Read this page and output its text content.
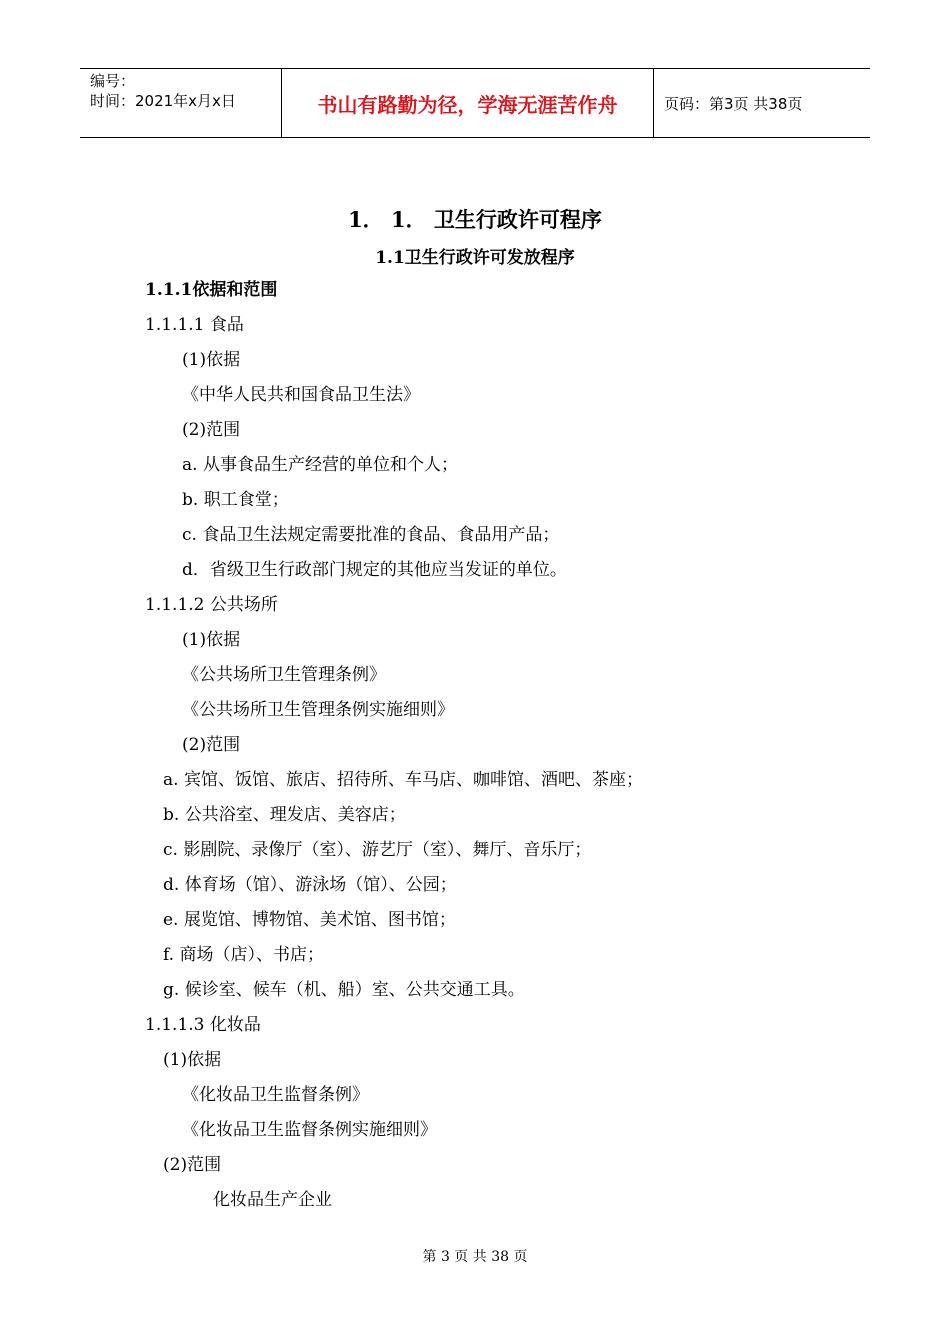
编号：
时间：2021年x月x日	书山有路勤为径，学海无涯苦作舟	页码：第3页 共38页
1． 1． 卫生行政许可程序
1.1卫生行政许可发放程序
1.1.1依据和范围
1.1.1.1 食品
(1)依据
《中华人民共和国食品卫生法》
(2)范围
a. 从事食品生产经营的单位和个人；
b. 职工食堂；
c. 食品卫生法规定需要批准的食品、食品用产品；
d．省级卫生行政部门规定的其他应当发证的单位。
1.1.1.2 公共场所
(1)依据
《公共场所卫生管理条例》
《公共场所卫生管理条例实施细则》
(2)范围
a. 宾馆、饭馆、旅店、招待所、车马店、咖啡馆、酒吧、茶座；
b. 公共浴室、理发店、美容店；
c. 影剧院、录像厅（室）、游艺厅（室）、舞厅、音乐厅；
d. 体育场（馆）、游泳场（馆）、公园；
e. 展览馆、博物馆、美术馆、图书馆；
f. 商场（店）、书店；
g. 候诊室、候车（机、船）室、公共交通工具。
1.1.1.3 化妆品
(1)依据
《化妆品卫生监督条例》
《化妆品卫生监督条例实施细则》
(2)范围
化妆品生产企业
第 3 页 共 38 页
